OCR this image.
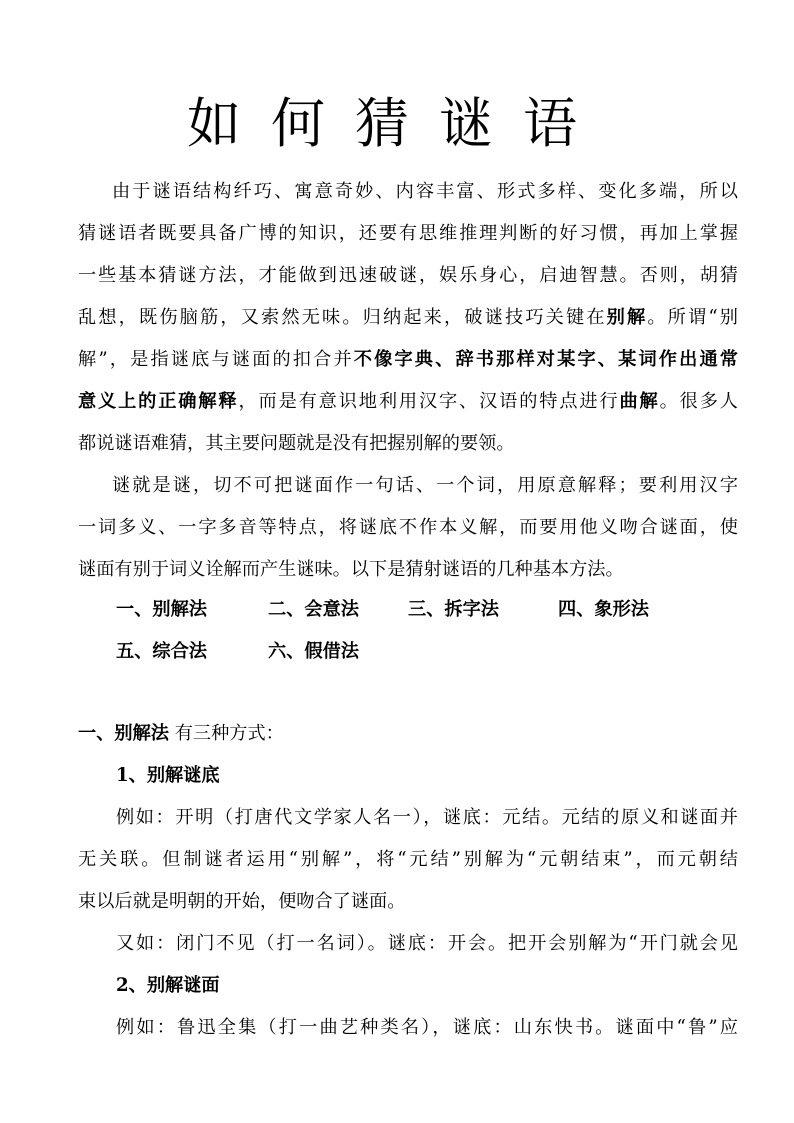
如何猜谜语
由于谜语结构纤巧、寓意奇妙、内容丰富、形式多样、变化多端，所以
猜谜语者既要具备广博的知识，还要有思维推理判断的好习惯，再加上掌握
一些基本猜谜方法，才能做到迅速破谜，娱乐身心，启迪智慧。否则，胡猜
乱想，既伤脑筋，又索然无味。归纳起来，破谜技巧关键在别解。所谓“别
解”，是指谜底与谜面的扣合并不像字典、辞书那样对某字、某词作出通常
意义上的正确解释，而是有意识地利用汉字、汉语的特点进行曲解。很多人
都说谜语难猜，其主要问题就是没有把握别解的要领。
谜就是谜，切不可把谜面作一句话、一个词，用原意解释；要利用汉字
一词多义、一字多音等特点，将谜底不作本义解，而要用他义吻合谜面，使
谜面有别于词义诠解而产生谜味。以下是猜射谜语的几种基本方法。
一、别解法	二、会意法	三、拆字法	四、象形法
五、综合法	六、假借法
一、别解法 有三种方式：
1、别解谜底
例如：开明（打唐代文学家人名一），谜底：元结。元结的原义和谜面并
无关联。但制谜者运用“别解”，将“元结”别解为“元朝结束”，而元朝结
束以后就是明朝的开始，便吻合了谜面。
又如：闭门不见（打一名词）。谜底：开会。把开会别解为“开门就会见
2、别解谜面
例如：鲁迅全集（打一曲艺种类名），谜底：山东快书。谜面中“鲁”应
